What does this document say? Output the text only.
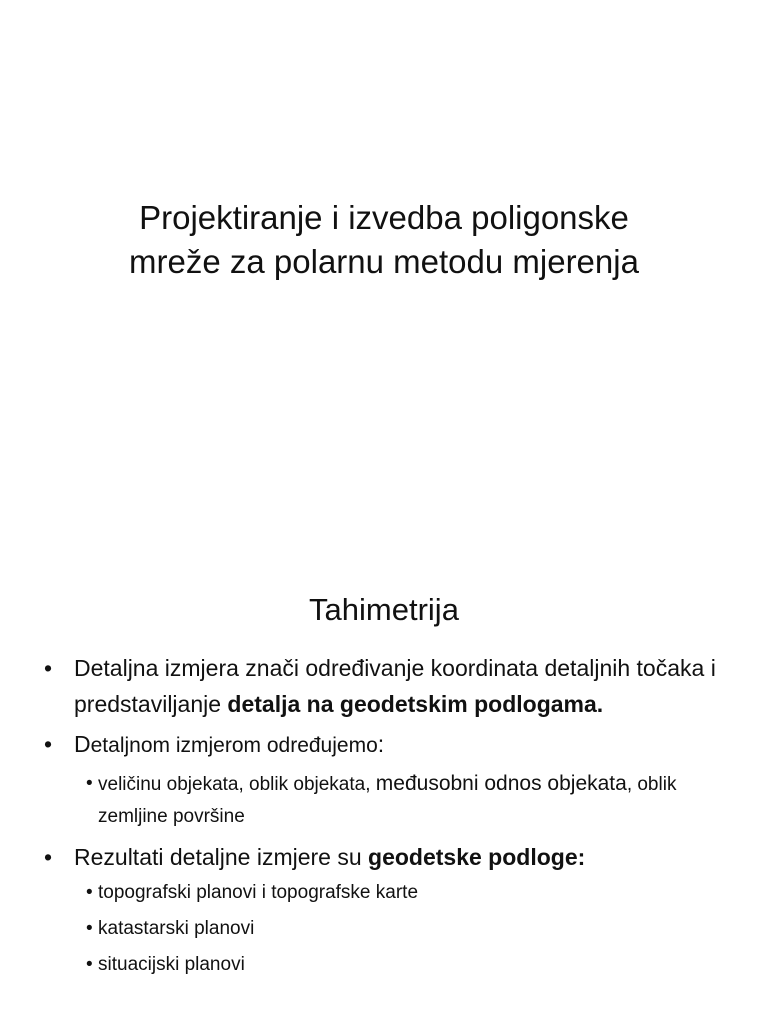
Projektiranje i izvedba poligonske
mreže za polarnu metodu mjerenja
Tahimetrija
• Detaljna izmjera znači određivanje koordinata detaljnih točaka i predstaviljanje detalja na geodetskim podlogama.
• Detaljnom izmjerom određujemo:
• veličinu objekata, oblik objekata, međusobni odnos objekata, oblik zemljine površine
• Rezultati detaljne izmjere su geodetske podloge:
• topografski planovi i topografske karte
• katastarski planovi
• situacijski planovi
